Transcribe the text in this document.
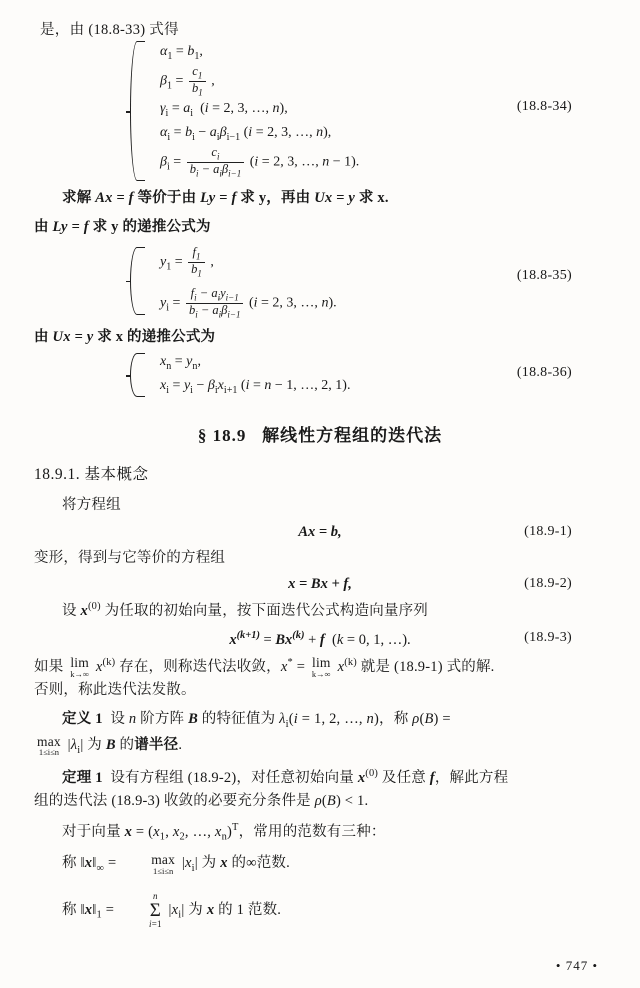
是，由 (18.8-33) 式得
$\alpha_1 = b_1$,
$\beta_1 = \frac{c_1}{b_1}$ ,
$\gamma_i = a_i$  (i = 2, 3, …, n),
$\alpha_i = b_i - a_i\beta_{i-1}$ (i = 2, 3, …, n),
$\beta_i = \frac{c_i}{b_i - a_i\beta_{i-1}} (i = 2$, 3, …, n − 1).
(18.8-34)
求解 Ax = f 等价于由 Ly = f 求 y，再由 Ux = y 求 x.
由 Ly = f 求 y 的递推公式为
$y_1 = \frac{f_1}{b_1}$ ,
$y_i = \frac{f_i - a_iy_{i-1}}{b_i - a_i\beta_{i-1}} (i = 2$, 3, …, n).
(18.8-35)
由 Ux = y 求 x 的递推公式为
$x_n = y_n$,
$x_i = y_i - \beta_ix_{i+1}$ (i = n − 1, …, 2, 1).
(18.8-36)
§ 18.9 解线性方程组的迭代法
18.9.1. 基本概念
将方程组
Ax = b,	(18.9-1)
变形，得到与它等价的方程组
x = Bx + f,	(18.9-2)
设 $x^{(0)}$ 为任取的初始向量，按下面迭代公式构造向量序列
$x^{(k+1)} = Bx^{(k)} + f$  (k = 0, 1, …).	(18.9-3)
如果 lim
k→∞ $x^{(k)}$ 存在，则称迭代法收敛，x* = lim
k→∞ $x^{(k)}$ 就是 (18.9-1) 式的解.
否则，称此迭代法发散。
定义 1  设 n 阶方阵 B 的特征值为 $\lambda_i(i = 1$, 2, …, n)，称 ρ(B) =
max
1≤i≤n $|\lambda_i|$ 为 B 的谱半径.
定理 1  设有方程组 (18.9-2)，对任意初始向量 $x^{(0)}$ 及任意 f，解此方程
组的迭代法 (18.9-3) 收敛的必要充分条件是 ρ(B) < 1.
对于向量 $x = (x_1$, $x_2$, …, $x_n)^T$，常用的范数有三种：
称 $‖x‖_\infty$ =	max
1≤i≤n $|x_i|$ 为 x 的∞范数.
称 $‖x‖_1$ =
n
Σ
i=1
$|x_i|$ 为 x 的 1 范数.
• 747 •
